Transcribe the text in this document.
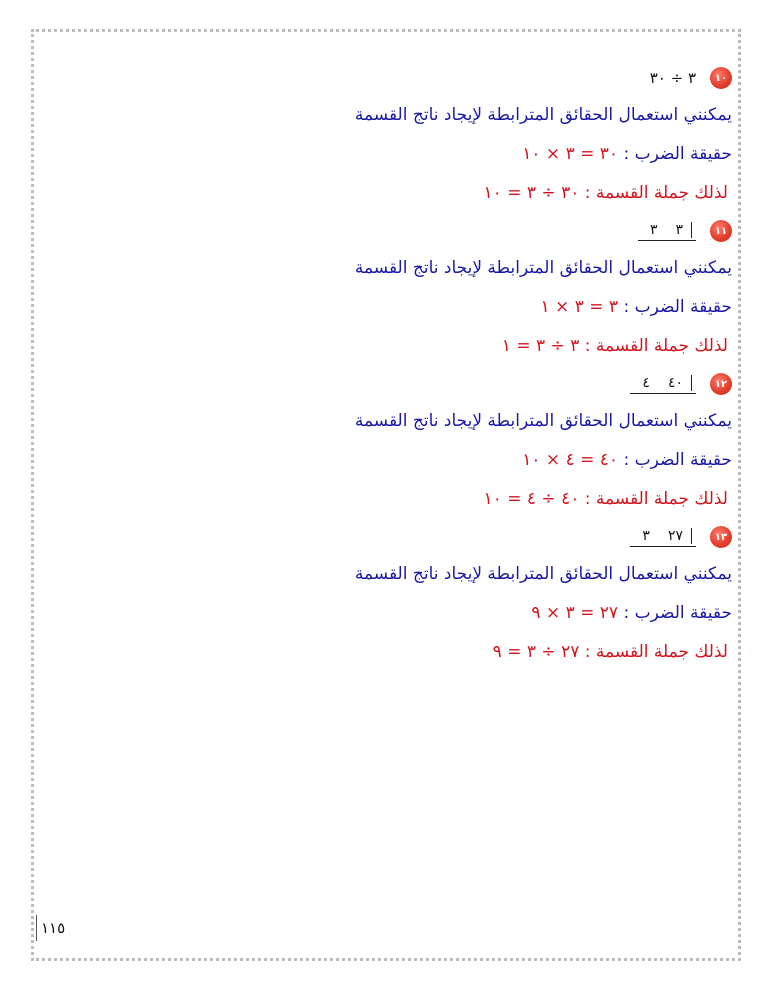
١٠
٣ ÷ ٣٠
يمكنني استعمال الحقائق المترابطة لإيجاد ناتج القسمة
حقيقة الضرب : ٣٠ = ٣ × ١٠
لذلك جملة القسمة : ٣٠ ÷ ٣ = ١٠
١١
٣
٣
يمكنني استعمال الحقائق المترابطة لإيجاد ناتج القسمة
حقيقة الضرب : ٣ = ٣ × ١
لذلك جملة القسمة : ٣ ÷ ٣ = ١
١٢
٤٠
٤
يمكنني استعمال الحقائق المترابطة لإيجاد ناتج القسمة
حقيقة الضرب : ٤٠ = ٤ × ١٠
لذلك جملة القسمة : ٤٠ ÷ ٤ = ١٠
١٣
٢٧
٣
يمكنني استعمال الحقائق المترابطة لإيجاد ناتج القسمة
حقيقة الضرب : ٢٧ = ٣ × ٩
لذلك جملة القسمة : ٢٧ ÷ ٣ = ٩
١١٥
